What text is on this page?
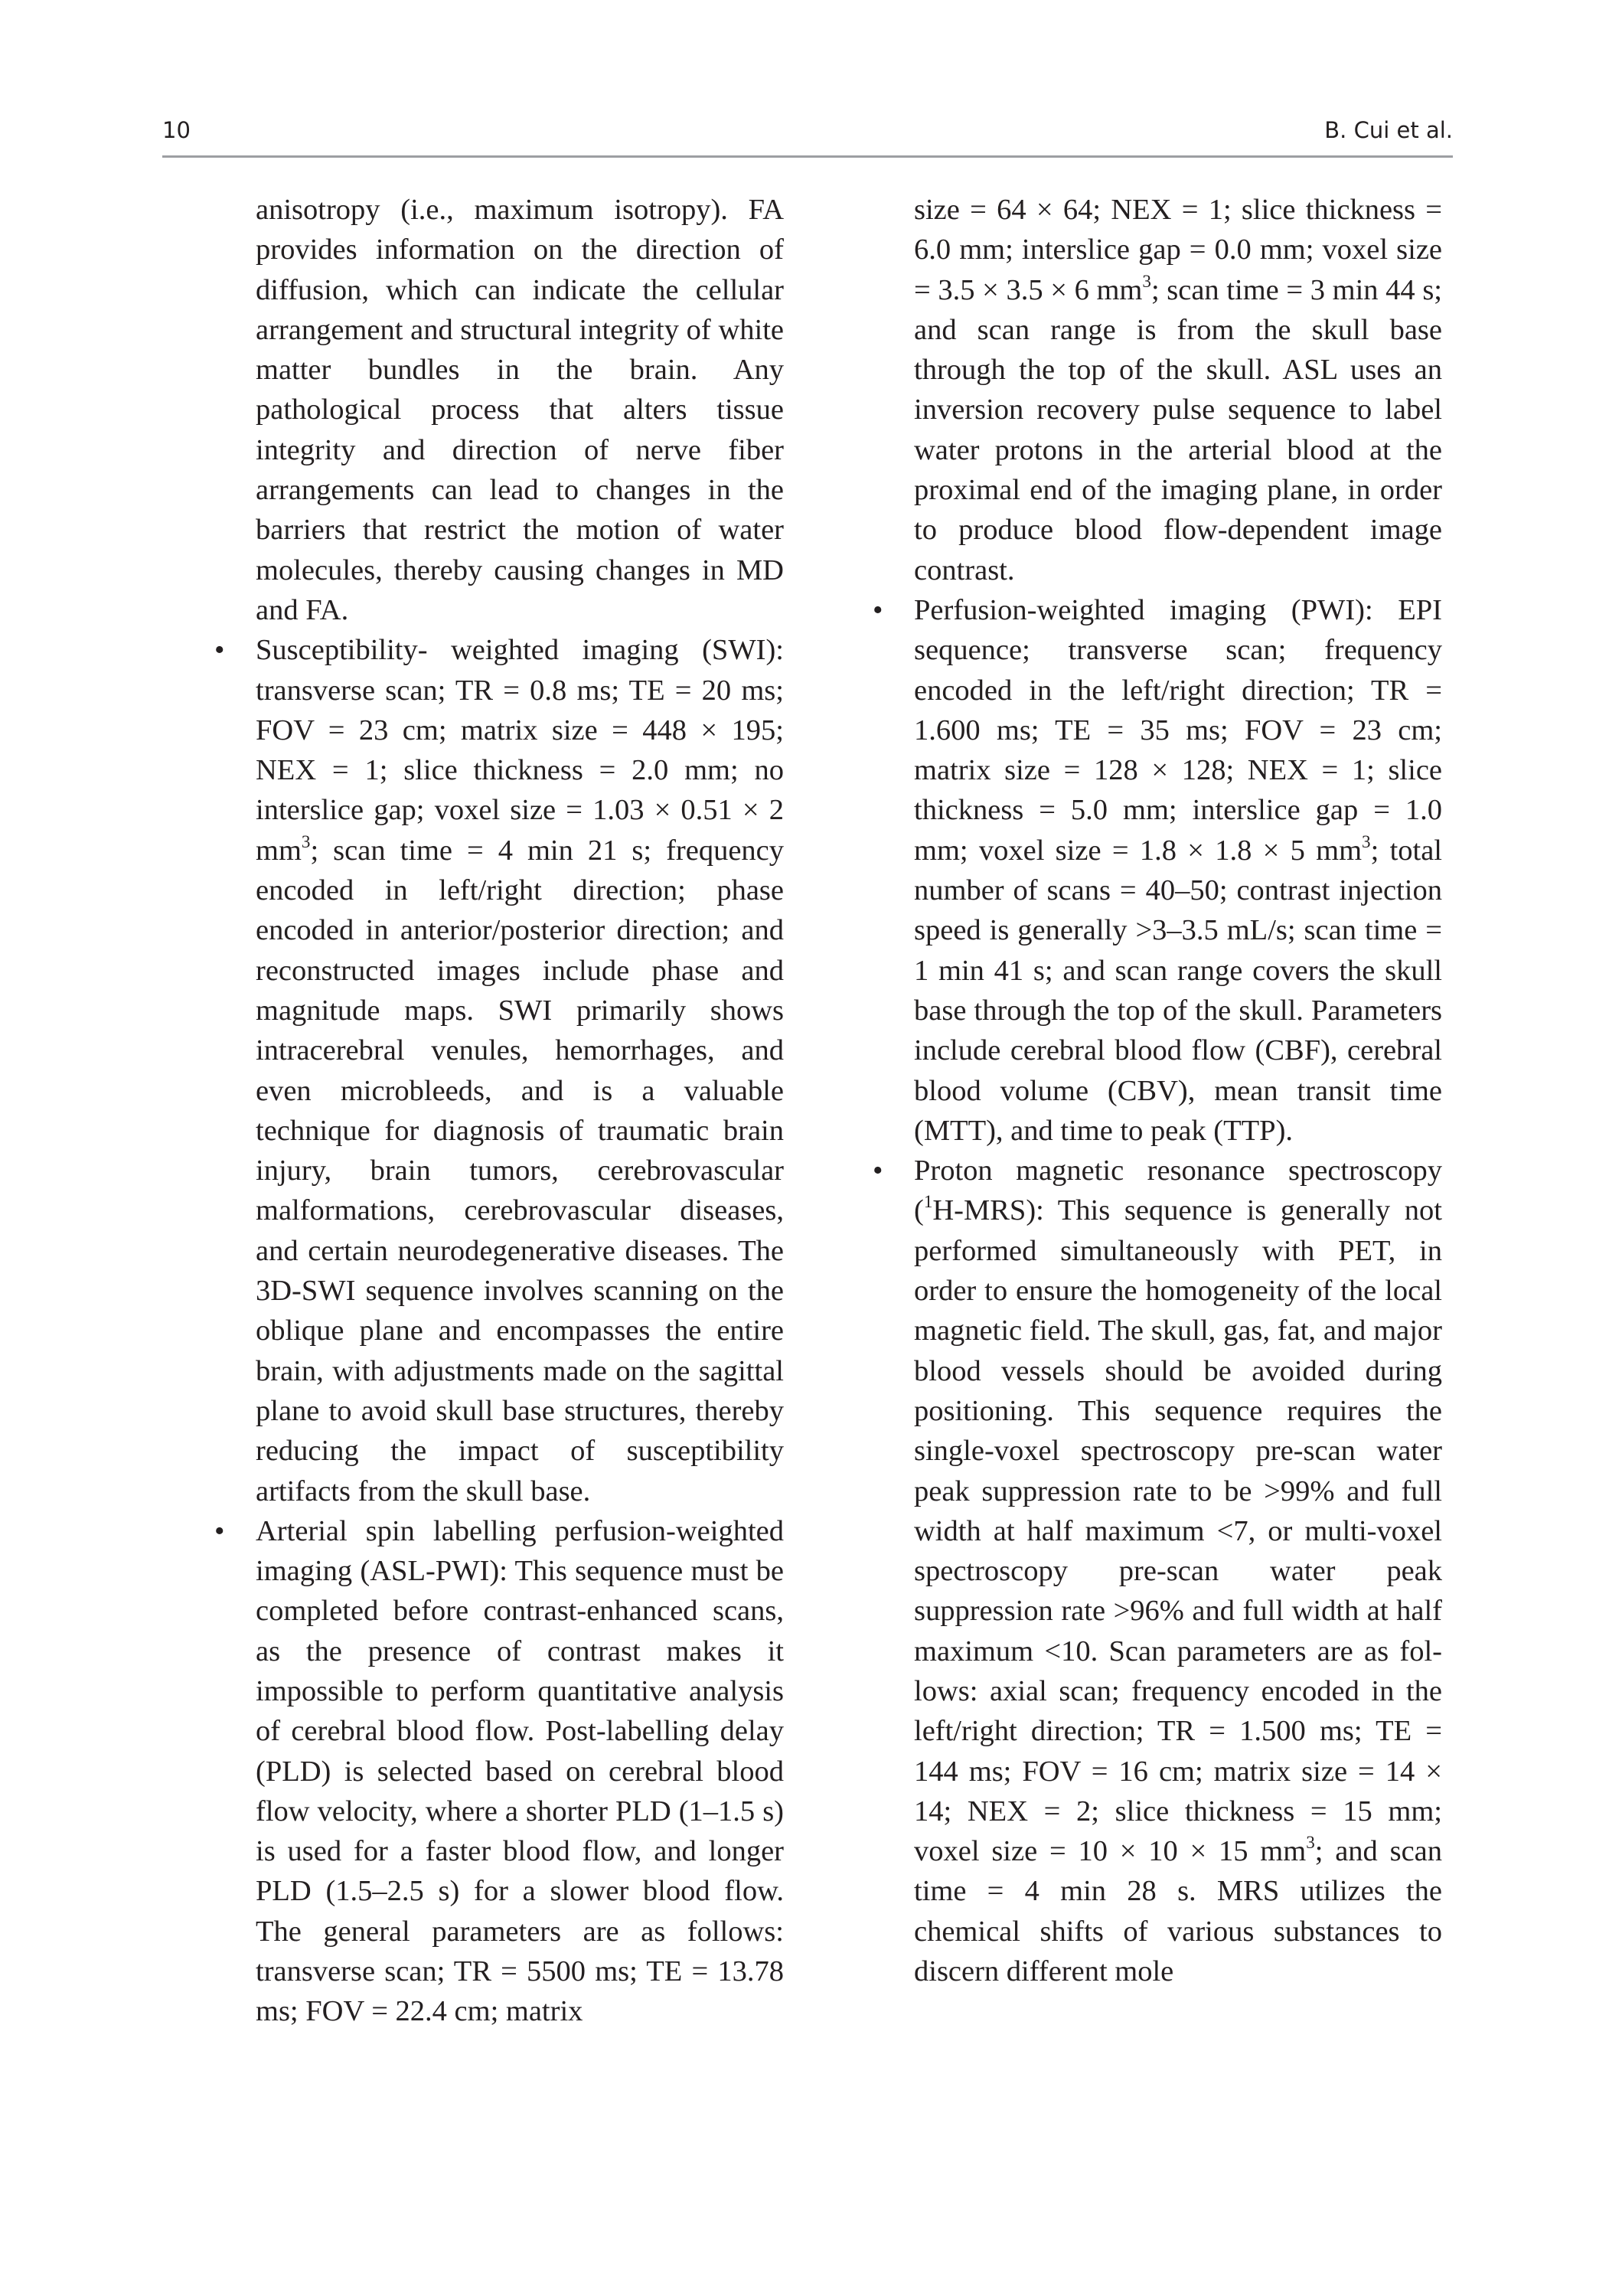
10	B. Cui et al.

anisotropy (i.e., maximum isotropy). FA provides information on the direction of diffusion, which can indicate the cellular arrangement and structural integrity of white matter bundles in the brain. Any pathological process that alters tissue integrity and direction of nerve fiber arrangements can lead to changes in the barriers that restrict the motion of water molecules, thereby causing changes in MD and FA.

• Susceptibility- weighted imaging (SWI): transverse scan; TR = 0.8 ms; TE = 20 ms; FOV = 23 cm; matrix size = 448 × 195; NEX = 1; slice thickness = 2.0 mm; no interslice gap; voxel size = 1.03 × 0.51 × 2 $mm^3$; scan time = 4 min 21 s; frequency encoded in left/right direction; phase encoded in anterior/posterior direction; and reconstructed images include phase and magnitude maps. SWI primarily shows intracerebral venules, hemorrhages, and even microbleeds, and is a valuable technique for diagnosis of traumatic brain injury, brain tumors, cerebrovascular malformations, cerebrovascular diseases, and certain neurodegenerative diseases. The 3D-SWI sequence involves scanning on the oblique plane and encompasses the entire brain, with adjustments made on the sagittal plane to avoid skull base structures, thereby reducing the impact of susceptibility artifacts from the skull base.
• Arterial spin labelling perfusion-weighted imaging (ASL-PWI): This sequence must be completed before contrast-enhanced scans, as the presence of contrast makes it impossible to perform quantitative analysis of cerebral blood flow. Post-labelling delay (PLD) is selected based on cerebral blood flow velocity, where a shorter PLD (1–1.5 s) is used for a faster blood flow, and longer PLD (1.5–2.5 s) for a slower blood flow. The general parameters are as follows: transverse scan; TR = 5500 ms; TE = 13.78 ms; FOV = 22.4 cm; matrix

size = 64 × 64; NEX = 1; slice thickness = 6.0 mm; interslice gap = 0.0 mm; voxel size = 3.5 × 3.5 × 6 $mm^3$; scan time = 3 min 44 s; and scan range is from the skull base through the top of the skull. ASL uses an inversion recovery pulse sequence to label water protons in the arterial blood at the proximal end of the imaging plane, in order to produce blood flow-dependent image contrast.

• Perfusion-weighted imaging (PWI): EPI sequence; transverse scan; frequency encoded in the left/right direction; TR = 1.600 ms; TE = 35 ms; FOV = 23 cm; matrix size = 128 × 128; NEX = 1; slice thickness = 5.0 mm; interslice gap = 1.0 mm; voxel size = 1.8 × 1.8 × 5 $mm^3$; total number of scans = 40–50; contrast injection speed is generally >3–3.5 mL/s; scan time = 1 min 41 s; and scan range covers the skull base through the top of the skull. Parameters include cerebral blood flow (CBF), cerebral blood volume (CBV), mean transit time (MTT), and time to peak (TTP).
• Proton magnetic resonance spectroscopy ($^1$H-MRS): This sequence is generally not performed simultaneously with PET, in order to ensure the homogeneity of the local magnetic field. The skull, gas, fat, and major blood vessels should be avoided during positioning. This sequence requires the single-voxel spectroscopy pre-scan water peak suppression rate to be >99% and full width at half maximum <7, or multi-voxel spectroscopy pre-scan water peak suppression rate >96% and full width at half maximum <10. Scan parameters are as follows: axial scan; frequency encoded in the left/right direction; TR = 1.500 ms; TE = 144 ms; FOV = 16 cm; matrix size = 14 × 14; NEX = 2; slice thickness = 15 mm; voxel size = 10 × 10 × 15 $mm^3$; and scan time = 4 min 28 s. MRS utilizes the chemical shifts of various substances to discern different mole
